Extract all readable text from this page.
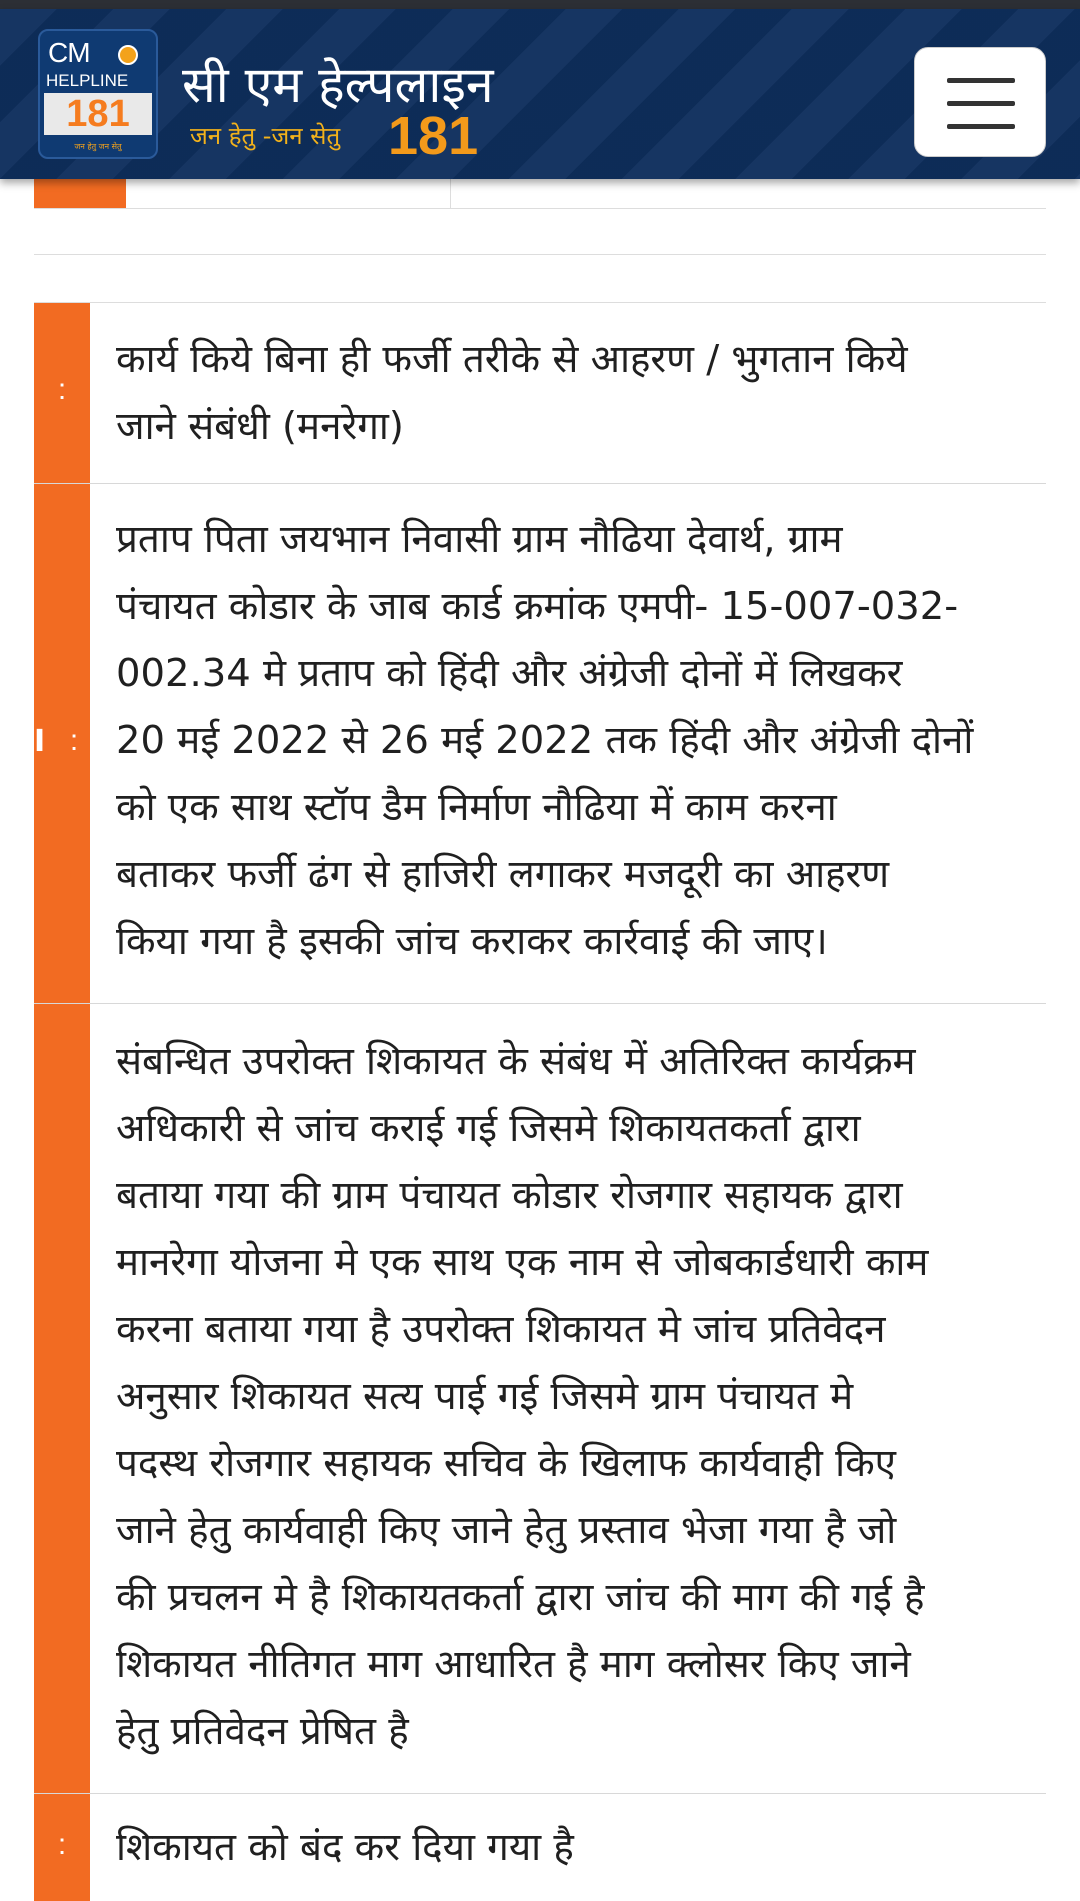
CM
HELPLINE
181
जन हेतु जन सेतु
सी एम हेल्पलाइन
जन हेतु -जन सेतु 181
:
कार्य किये बिना ही फर्जी तरीके से आहरण / भुगतान किये
जाने संबंधी (मनरेगा)
I :
प्रताप पिता जयभान निवासी ग्राम नौढिया देवार्थ, ग्राम
पंचायत कोडार के जाब कार्ड क्रमांक एमपी- 15-007-032-
002.34 मे प्रताप को हिंदी और अंग्रेजी दोनों में लिखकर
20 मई 2022 से 26 मई 2022 तक हिंदी और अंग्रेजी दोनों
को एक साथ स्टॉप डैम निर्माण नौढिया में काम करना
बताकर फर्जी ढंग से हाजिरी लगाकर मजदूरी का आहरण
किया गया है इसकी जांच कराकर कार्रवाई की जाए।
संबन्धित उपरोक्त शिकायत के संबंध में अतिरिक्त कार्यक्रम
अधिकारी से जांच कराई गई जिसमे शिकायतकर्ता द्वारा
बताया गया की ग्राम पंचायत कोडार रोजगार सहायक द्वारा
मानरेगा योजना मे एक साथ एक नाम से जोबकार्डधारी काम
करना बताया गया है उपरोक्त शिकायत मे जांच प्रतिवेदन
अनुसार शिकायत सत्य पाई गई जिसमे ग्राम पंचायत मे
पदस्थ रोजगार सहायक सचिव के खिलाफ कार्यवाही किए
जाने हेतु कार्यवाही किए जाने हेतु प्रस्ताव भेजा गया है जो
की प्रचलन मे है शिकायतकर्ता द्वारा जांच की माग की गई है
शिकायत नीतिगत माग आधारित है माग क्लोसर किए जाने
हेतु प्रतिवेदन प्रेषित है
:	शिकायत को बंद कर दिया गया है
